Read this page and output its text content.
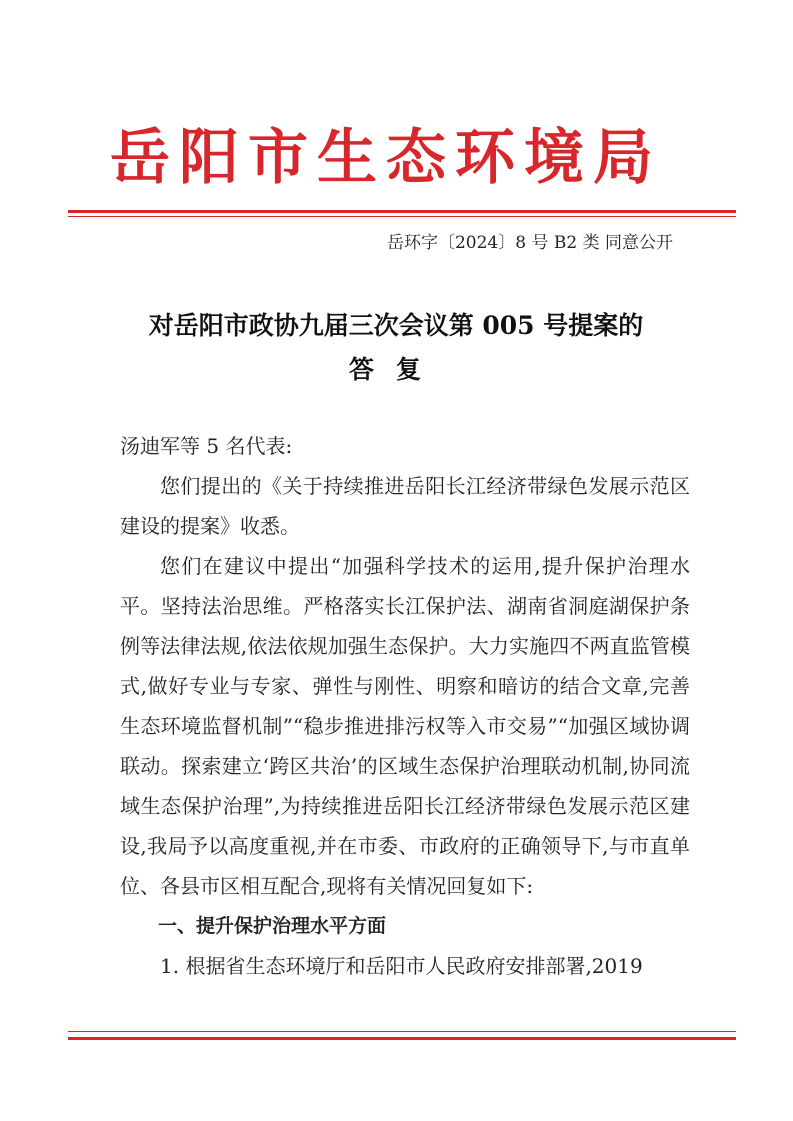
岳阳市生态环境局
岳环字〔2024〕8 号 B2 类 同意公开
对岳阳市政协九届三次会议第 005 号提案的
答复

汤迪军等 5 名代表:

您们提出的《关于持续推进岳阳长江经济带绿色发展示范区建设的提案》收悉。

您们在建议中提出“加强科学技术的运用,提升保护治理水平。坚持法治思维。严格落实长江保护法、湖南省洞庭湖保护条例等法律法规,依法依规加强生态保护。大力实施四不两直监管模式,做好专业与专家、弹性与刚性、明察和暗访的结合文章,完善生态环境监督机制”“稳步推进排污权等入市交易”“加强区域协调联动。探索建立‘跨区共治’的区域生态保护治理联动机制,协同流域生态保护治理”,为持续推进岳阳长江经济带绿色发展示范区建设,我局予以高度重视,并在市委、市政府的正确领导下,与市直单位、各县市区相互配合,现将有关情况回复如下:

一、提升保护治理水平方面

1. 根据省生态环境厅和岳阳市人民政府安排部署,2019
